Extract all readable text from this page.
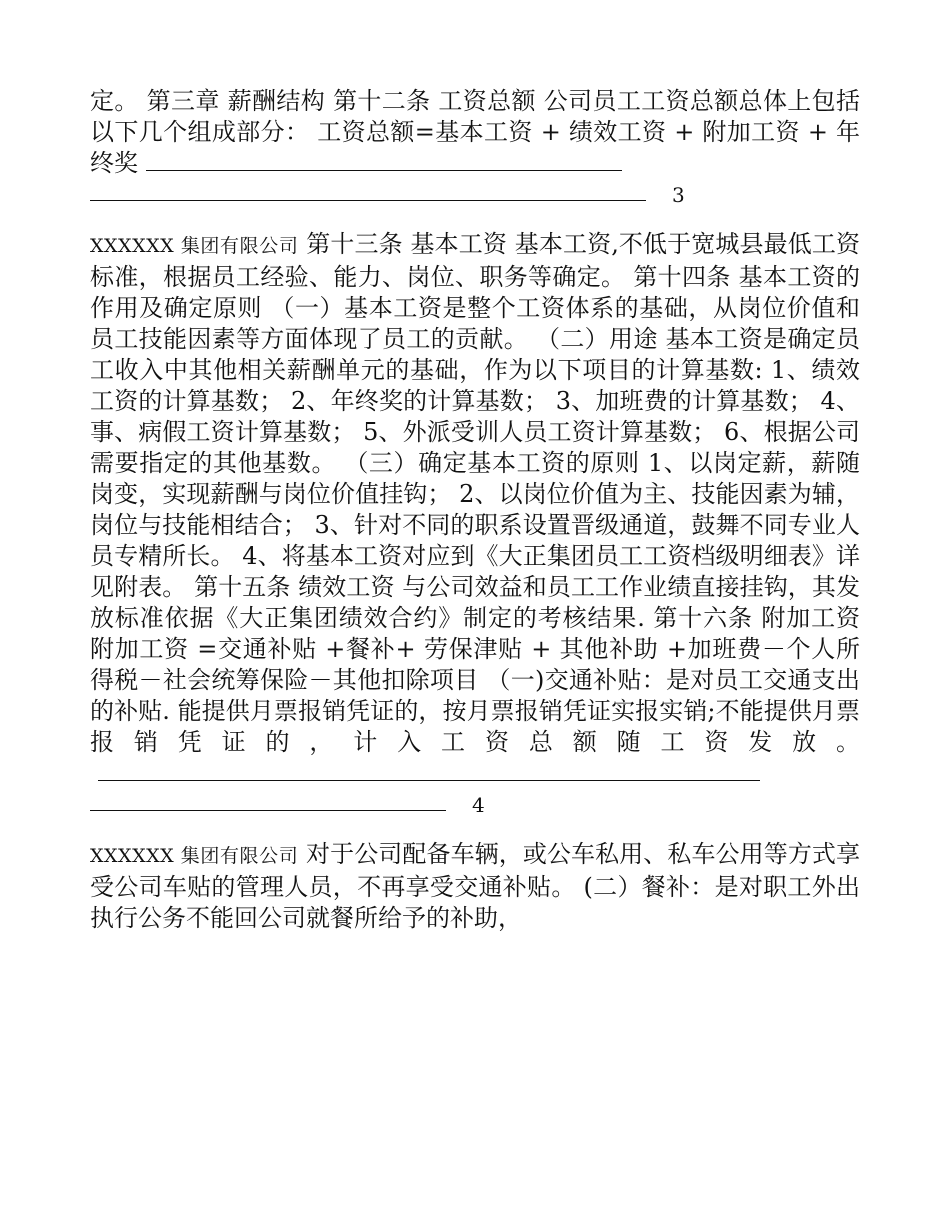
定。 第三章 薪酬结构 第十二条 工资总额 公司员工工资总额总体上包括以下几个组成部分： 工资总额=基本工资 + 绩效工资 + 附加工资 + 年终奖

3

XXXXXX 集团有限公司 第十三条 基本工资 基本工资,不低于宽城县最低工资标准，根据员工经验、能力、岗位、职务等确定。 第十四条 基本工资的作用及确定原则 （一）基本工资是整个工资体系的基础，从岗位价值和员工技能因素等方面体现了员工的贡献。 （二）用途 基本工资是确定员工收入中其他相关薪酬单元的基础，作为以下项目的计算基数: 1、绩效工资的计算基数； 2、年终奖的计算基数； 3、加班费的计算基数； 4、事、病假工资计算基数； 5、外派受训人员工资计算基数； 6、根据公司需要指定的其他基数。 （三）确定基本工资的原则 1、以岗定薪，薪随岗变，实现薪酬与岗位价值挂钩； 2、以岗位价值为主、技能因素为辅，岗位与技能相结合； 3、针对不同的职系设置晋级通道，鼓舞不同专业人员专精所长。 4、将基本工资对应到《大正集团员工工资档级明细表》详见附表。 第十五条 绩效工资 与公司效益和员工工作业绩直接挂钩，其发放标准依据《大正集团绩效合约》制定的考核结果. 第十六条 附加工资 附加工资 =交通补贴 +餐补+ 劳保津贴 + 其他补助 +加班费－个人所得税－社会统筹保险－其他扣除项目 （一)交通补贴：是对员工交通支出的补贴. 能提供月票报销凭证的，按月票报销凭证实报实销;不能提供月票报销凭证的，计入工资总额随工资发放。

4

XXXXXX 集团有限公司 对于公司配备车辆，或公车私用、私车公用等方式享受公司车贴的管理人员，不再享受交通补贴。 (二）餐补：是对职工外出执行公务不能回公司就餐所给予的补助，
